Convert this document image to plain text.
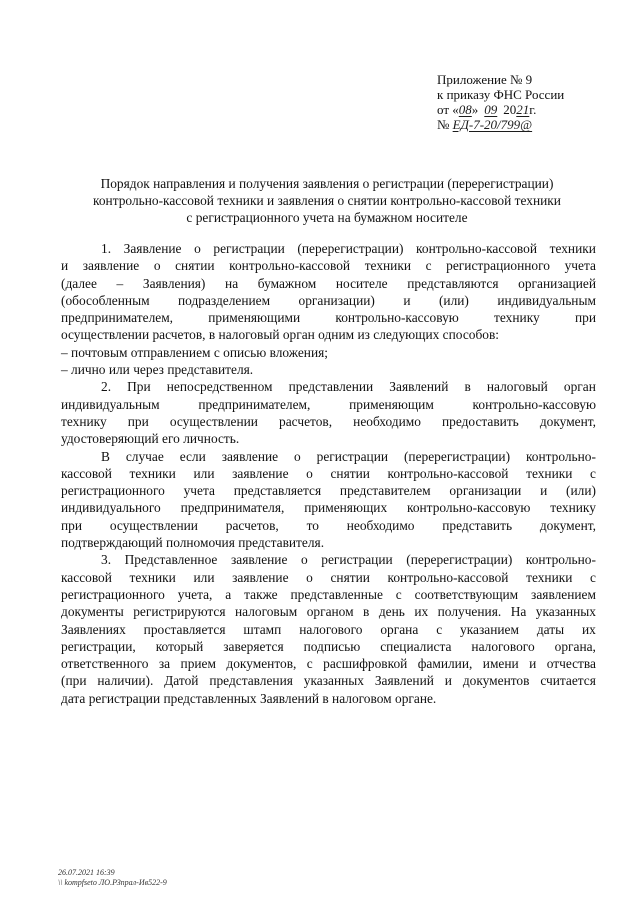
Приложение № 9
к приказу ФНС России
от «08» 09 2021г.
№ ЕД-7-20/799@
Порядок направления и получения заявления о регистрации (перерегистрации)
контрольно-кассовой техники и заявления о снятии контрольно-кассовой техники
с регистрационного учета на бумажном носителе
1. Заявление о регистрации (перерегистрации) контрольно-кассовой техники
и заявление о снятии контрольно-кассовой техники с регистрационного учета
(далее – Заявления) на бумажном носителе представляются организацией
(обособленным подразделением организации) и (или) индивидуальным
предпринимателем,	применяющими	контрольно-кассовую	технику	при
осуществлении расчетов, в налоговый орган одним из следующих способов:
– почтовым отправлением с описью вложения;
– лично или через представителя.
2. При непосредственном представлении Заявлений в налоговый орган
индивидуальным	предпринимателем,	применяющим	контрольно-кассовую
технику при осуществлении расчетов, необходимо предоставить документ,
удостоверяющий его личность.
В случае если заявление о регистрации (перерегистрации) контрольно-
кассовой техники или заявление о снятии контрольно-кассовой техники с
регистрационного учета представляется представителем организации и (или)
индивидуального предпринимателя, применяющих контрольно-кассовую технику
при осуществлении расчетов, то необходимо представить документ,
подтверждающий полномочия представителя.
3. Представленное заявление о регистрации (перерегистрации) контрольно-
кассовой техники или заявление о снятии контрольно-кассовой техники с
регистрационного учета, а также представленные с соответствующим заявлением
документы регистрируются налоговым органом в день их получения. На указанных
Заявлениях проставляется штамп налогового органа с указанием даты их
регистрации, который заверяется подписью специалиста налогового органа,
ответственного за прием документов, с расшифровкой фамилии, имени и отчества
(при наличии). Датой представления указанных Заявлений и документов считается
дата регистрации представленных Заявлений в налоговом органе.
26.07.2021 16:39
\\ kompfseto ЛО.РЗпрал-Ив522-9
